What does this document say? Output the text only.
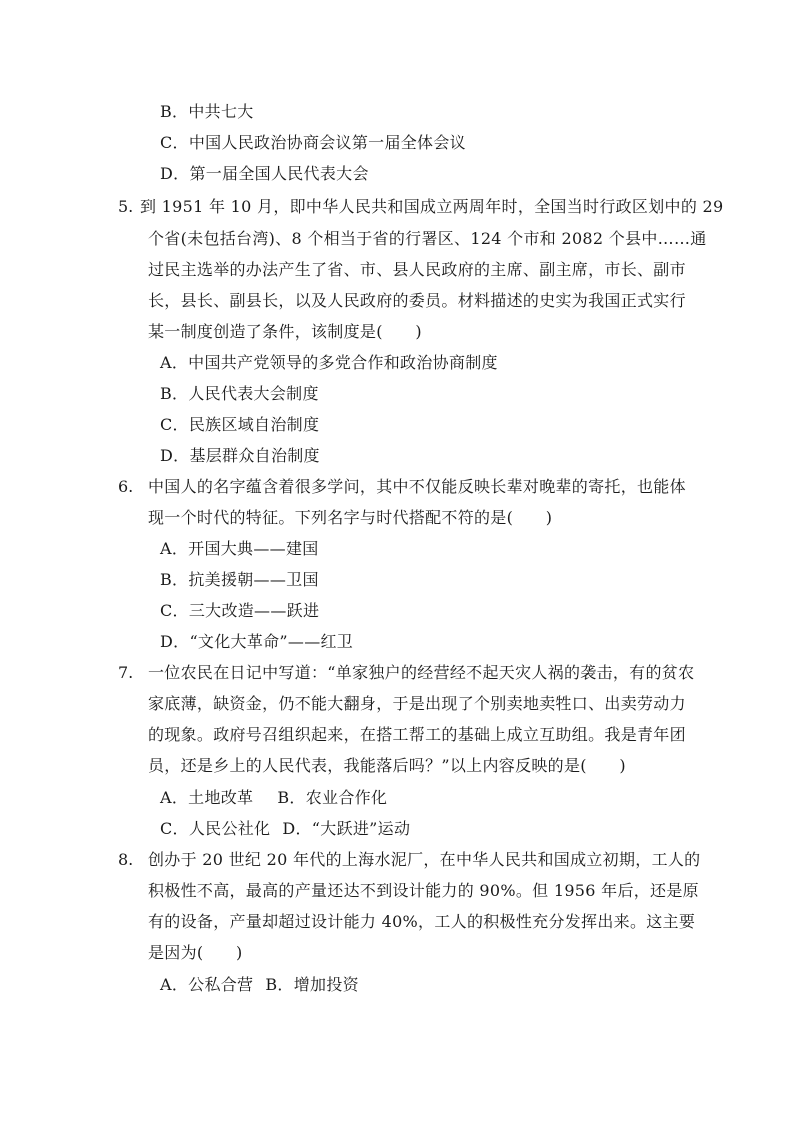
B．中共七大
C．中国人民政治协商会议第一届全体会议
D．第一届全国人民代表大会
5. 到 1951 年 10 月，即中华人民共和国成立两周年时，全国当时行政区划中的 29
个省(未包括台湾)、8 个相当于省的行署区、124 个市和 2082 个县中……通
过民主选举的办法产生了省、市、县人民政府的主席、副主席，市长、副市
长，县长、副县长，以及人民政府的委员。材料描述的史实为我国正式实行
某一制度创造了条件，该制度是(　　)
A．中国共产党领导的多党合作和政治协商制度
B．人民代表大会制度
C．民族区域自治制度
D．基层群众自治制度
6. 中国人的名字蕴含着很多学问，其中不仅能反映长辈对晚辈的寄托，也能体
现一个时代的特征。下列名字与时代搭配不符的是(　　)
A．开国大典——建国
B．抗美援朝——卫国
C．三大改造——跃进
D．“文化大革命”——红卫
7. 一位农民在日记中写道：“单家独户的经营经不起天灾人祸的袭击，有的贫农
家底薄，缺资金，仍不能大翻身，于是出现了个别卖地卖牲口、出卖劳动力
的现象。政府号召组织起来，在搭工帮工的基础上成立互助组。我是青年团
员，还是乡上的人民代表，我能落后吗？”以上内容反映的是(　　)
A．土地改革 B．农业合作化
C．人民公社化 D．“大跃进”运动
8. 创办于 20 世纪 20 年代的上海水泥厂，在中华人民共和国成立初期，工人的
积极性不高，最高的产量还达不到设计能力的 90%。但 1956 年后，还是原
有的设备，产量却超过设计能力 40%，工人的积极性充分发挥出来。这主要
是因为(　　)
A．公私合营 B．增加投资
